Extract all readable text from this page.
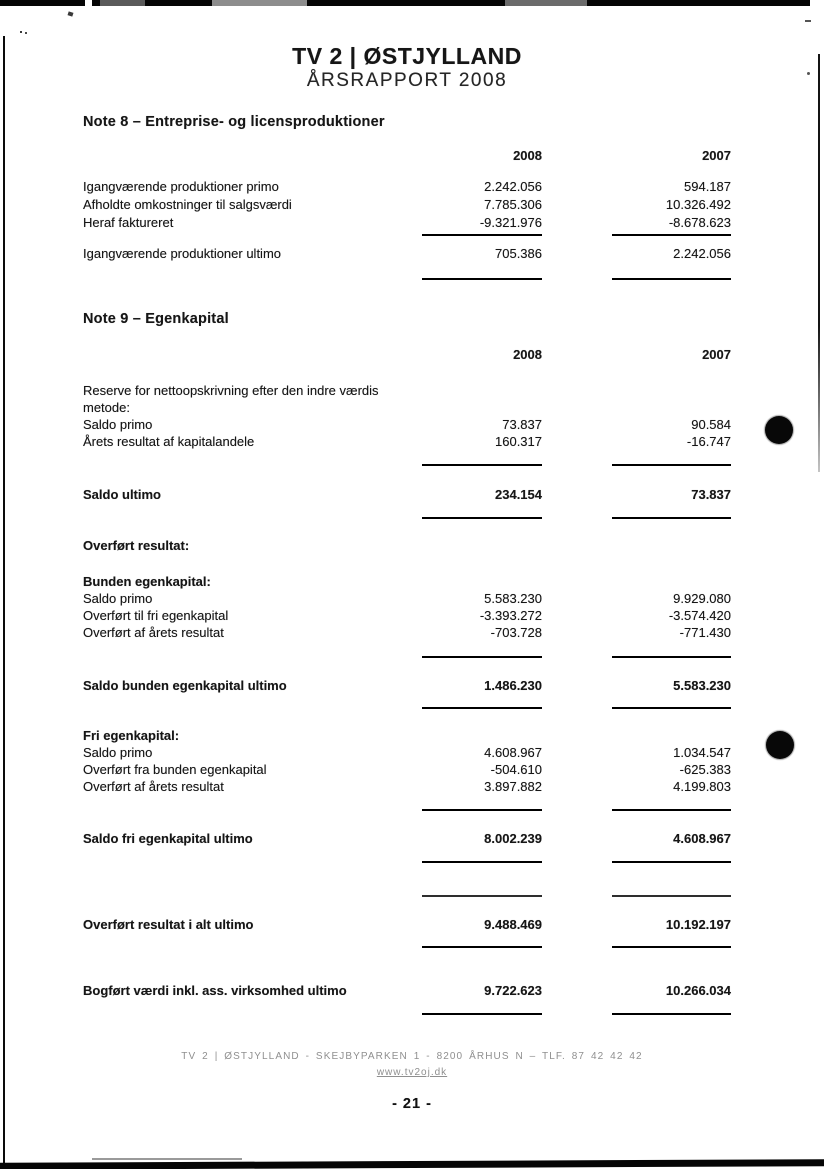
TV 2 | ØSTJYLLAND
ÅRSRAPPORT 2008
Note 8 – Entreprise- og licensproduktioner
2008	2007
Igangværende produktioner primo	2.242.056	594.187
Afholdte omkostninger til salgsværdi	7.785.306	10.326.492
Heraf faktureret	-9.321.976	-8.678.623
Igangværende produktioner ultimo	705.386	2.242.056
Note 9 – Egenkapital
2008	2007
Reserve for nettoopskrivning efter den indre værdis
metode:
Saldo primo	73.837	90.584
Årets resultat af kapitalandele	160.317	-16.747
Saldo ultimo	234.154	73.837
Overført resultat:
Bunden egenkapital:
Saldo primo	5.583.230	9.929.080
Overført til fri egenkapital	-3.393.272	-3.574.420
Overført af årets resultat	-703.728	-771.430
Saldo bunden egenkapital ultimo	1.486.230	5.583.230
Fri egenkapital:
Saldo primo	4.608.967	1.034.547
Overført fra bunden egenkapital	-504.610	-625.383
Overført af årets resultat	3.897.882	4.199.803
Saldo fri egenkapital ultimo	8.002.239	4.608.967
Overført resultat i alt ultimo	9.488.469	10.192.197
Bogført værdi inkl. ass. virksomhed ultimo	9.722.623	10.266.034
TV 2 | ØSTJYLLAND - SKEJBYPARKEN 1 - 8200 ÅRHUS N – TLF. 87 42 42 42
www.tv2oj.dk
- 21 -
